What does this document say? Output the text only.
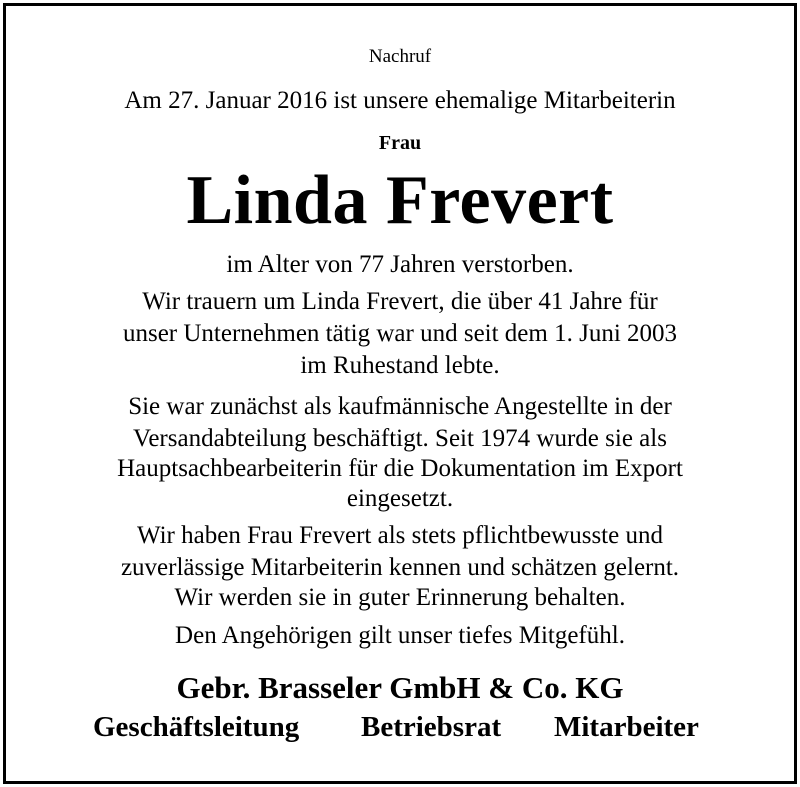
Nachruf
Am 27. Januar 2016 ist unsere ehemalige Mitarbeiterin
Frau
Linda Frevert
im Alter von 77 Jahren verstorben.
Wir trauern um Linda Frevert, die über 41 Jahre für
unser Unternehmen tätig war und seit dem 1. Juni 2003
im Ruhestand lebte.
Sie war zunächst als kaufmännische Angestellte in der
Versandabteilung beschäftigt. Seit 1974 wurde sie als
Hauptsachbearbeiterin für die Dokumentation im Export
eingesetzt.
Wir haben Frau Frevert als stets pflichtbewusste und
zuverlässige Mitarbeiterin kennen und schätzen gelernt.
Wir werden sie in guter Erinnerung behalten.
Den Angehörigen gilt unser tiefes Mitgefühl.
Gebr. Brasseler GmbH & Co. KG
Geschäftsleitung Betriebsrat Mitarbeiter
